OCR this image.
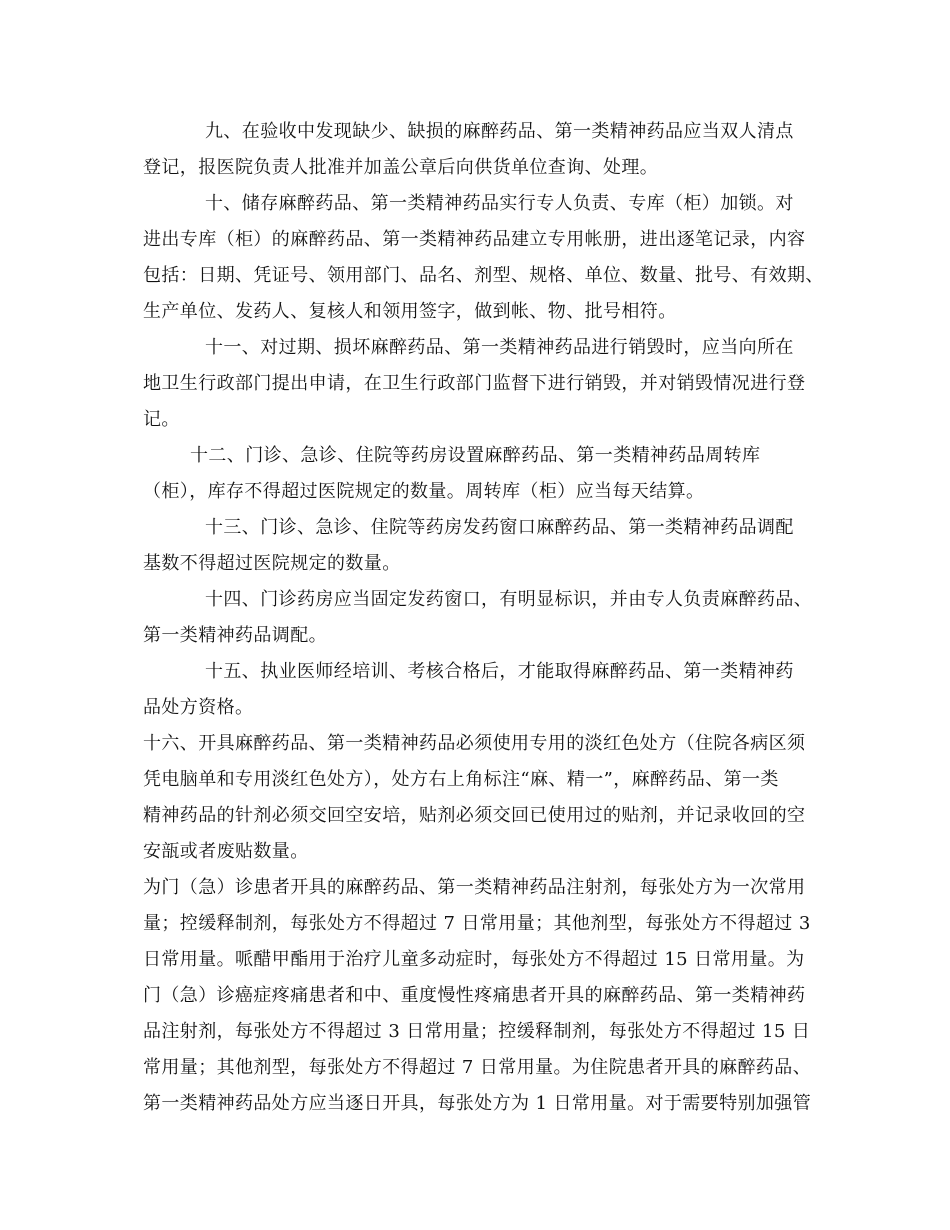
九、在验收中发现缺少、缺损的麻醉药品、第一类精神药品应当双人清点
登记，报医院负责人批准并加盖公章后向供货单位查询、处理。
十、储存麻醉药品、第一类精神药品实行专人负责、专库（柜）加锁。对
进出专库（柜）的麻醉药品、第一类精神药品建立专用帐册，进出逐笔记录，内容
包括：日期、凭证号、领用部门、品名、剂型、规格、单位、数量、批号、有效期、
生产单位、发药人、复核人和领用签字，做到帐、物、批号相符。
十一、对过期、损坏麻醉药品、第一类精神药品进行销毁时，应当向所在
地卫生行政部门提出申请，在卫生行政部门监督下进行销毁，并对销毁情况进行登
记。
十二、门诊、急诊、住院等药房设置麻醉药品、第一类精神药品周转库
（柜），库存不得超过医院规定的数量。周转库（柜）应当每天结算。
十三、门诊、急诊、住院等药房发药窗口麻醉药品、第一类精神药品调配
基数不得超过医院规定的数量。
十四、门诊药房应当固定发药窗口，有明显标识，并由专人负责麻醉药品、
第一类精神药品调配。
十五、执业医师经培训、考核合格后，才能取得麻醉药品、第一类精神药
品处方资格。
十六、开具麻醉药品、第一类精神药品必须使用专用的淡红色处方（住院各病区须
凭电脑单和专用淡红色处方），处方右上角标注“麻、精一”，麻醉药品、第一类
精神药品的针剂必须交回空安培，贴剂必须交回已使用过的贴剂，并记录收回的空
安瓿或者废贴数量。
为门（急）诊患者开具的麻醉药品、第一类精神药品注射剂，每张处方为一次常用
量；控缓释制剂，每张处方不得超过 7 日常用量；其他剂型，每张处方不得超过 3
日常用量。哌醋甲酯用于治疗儿童多动症时，每张处方不得超过 15 日常用量。为
门（急）诊癌症疼痛患者和中、重度慢性疼痛患者开具的麻醉药品、第一类精神药
品注射剂，每张处方不得超过 3 日常用量；控缓释制剂，每张处方不得超过 15 日
常用量；其他剂型，每张处方不得超过 7 日常用量。为住院患者开具的麻醉药品、
第一类精神药品处方应当逐日开具，每张处方为 1 日常用量。对于需要特别加强管
